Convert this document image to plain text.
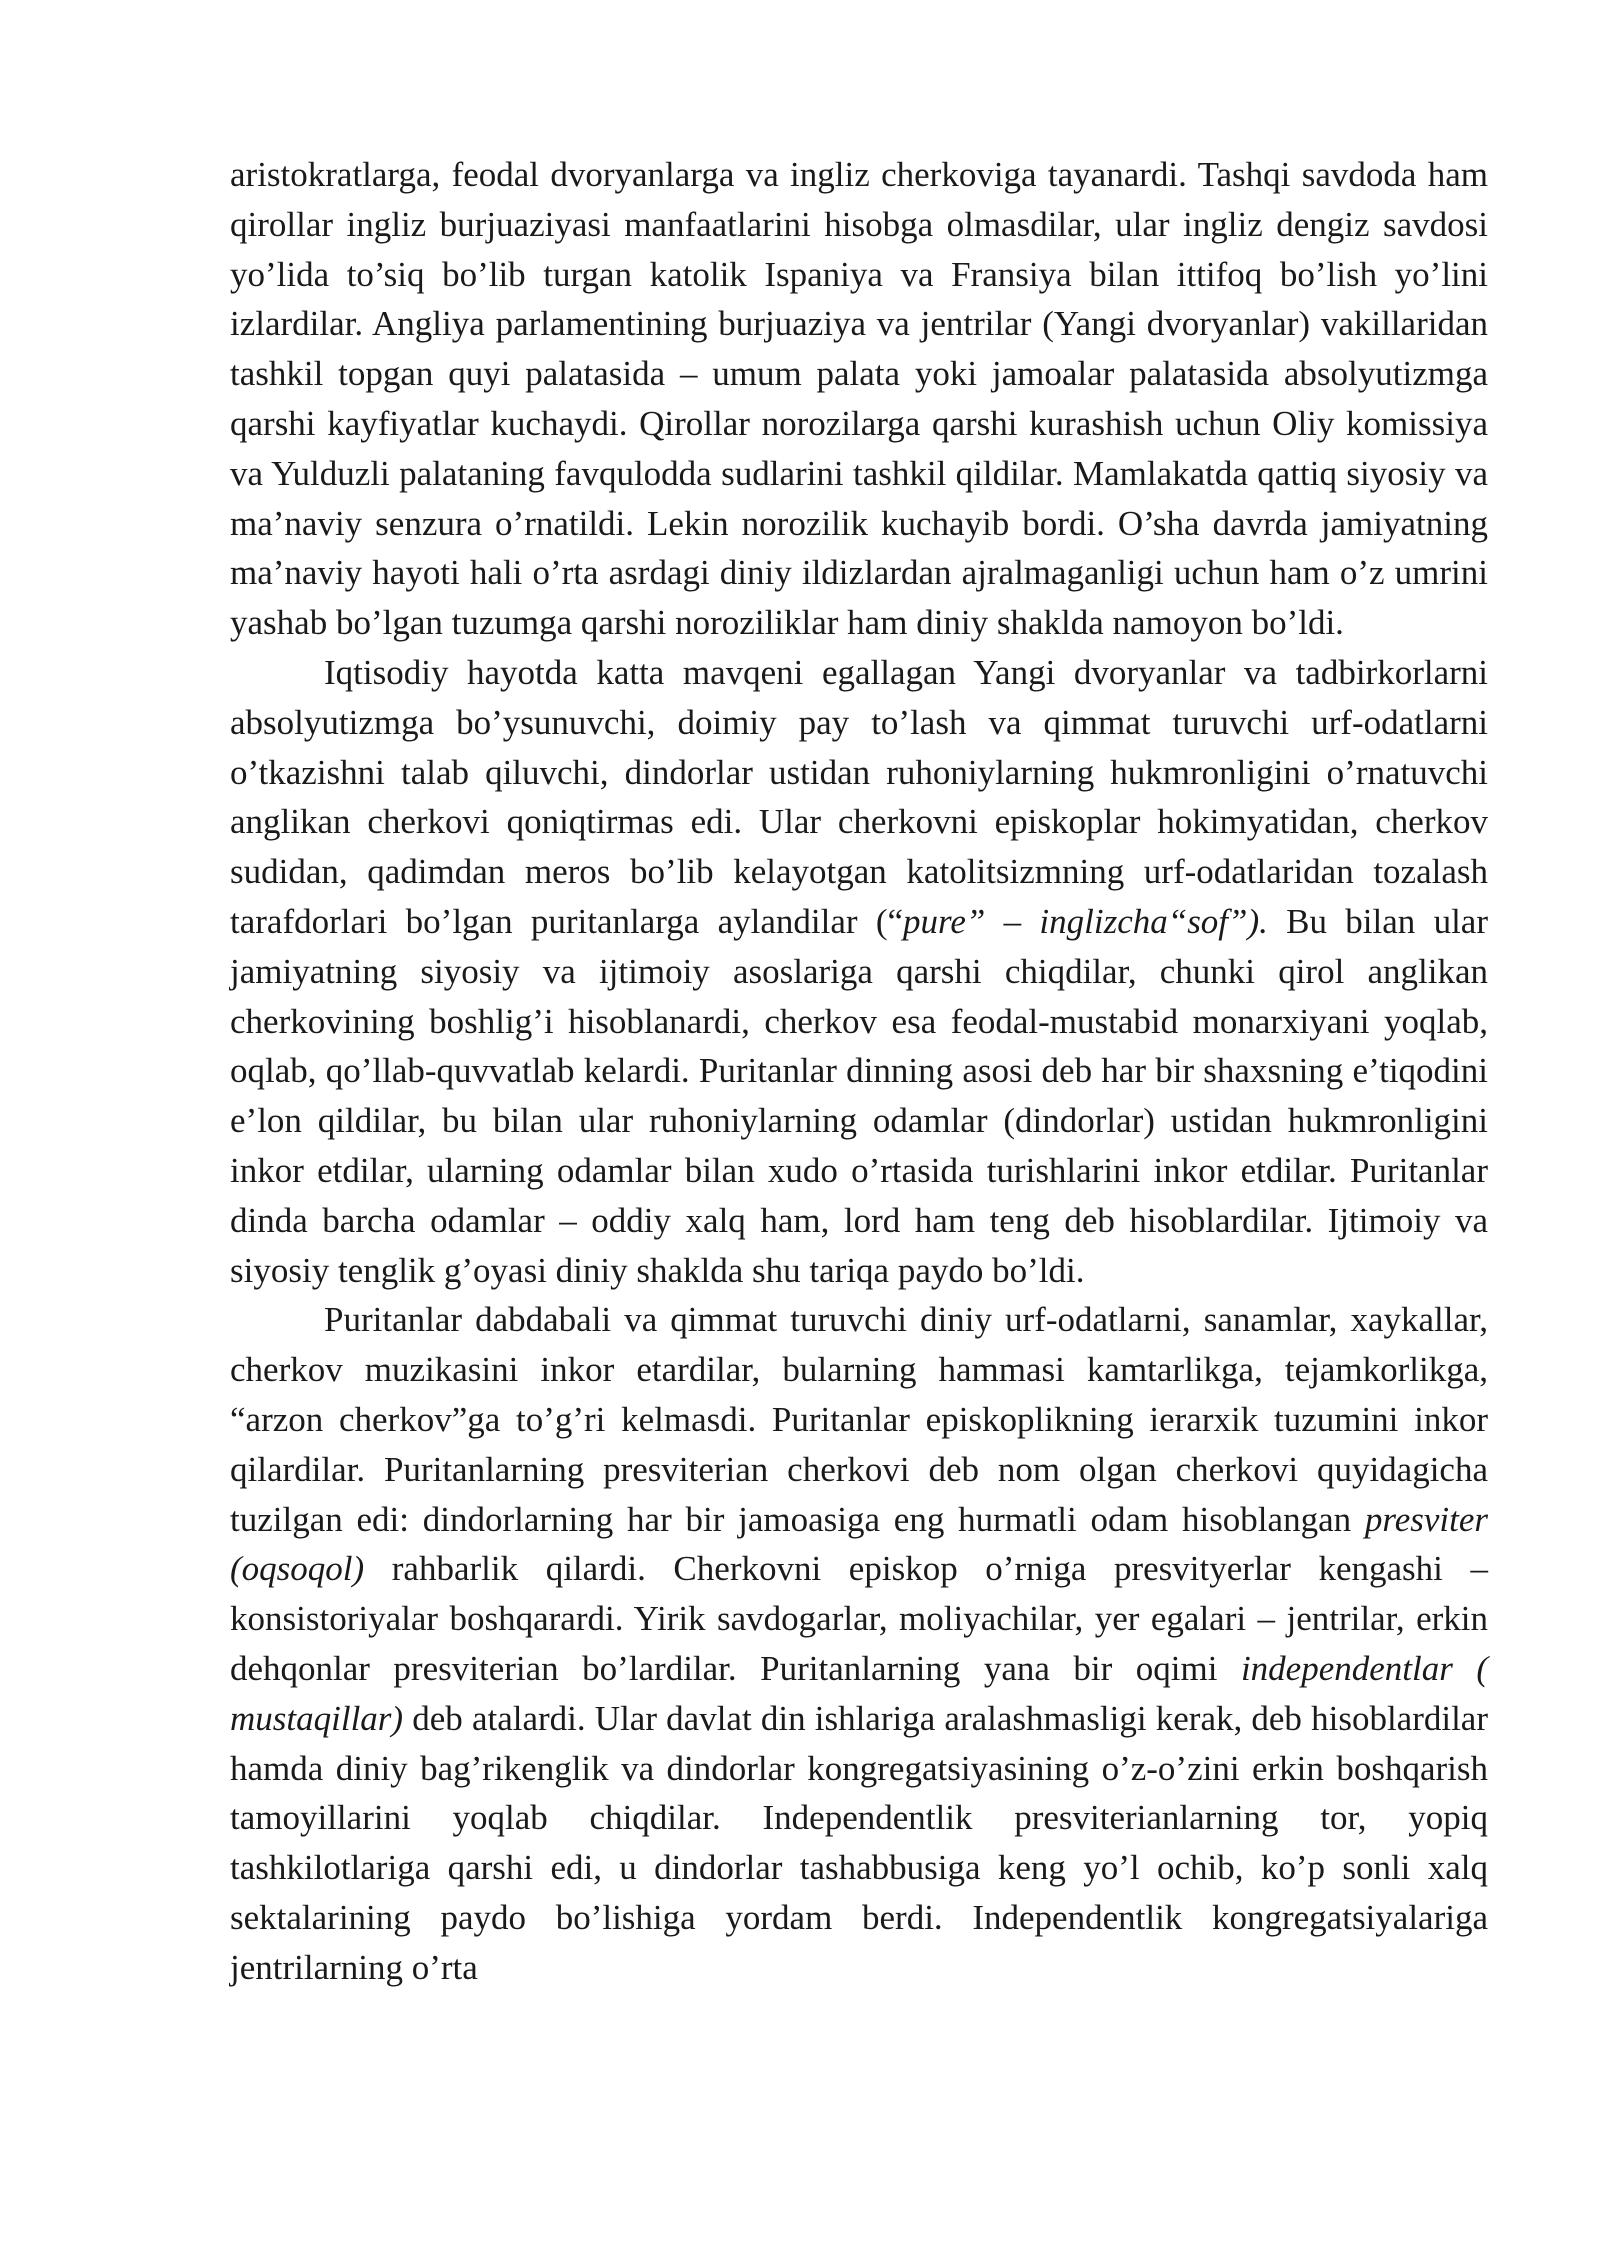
aristokratlarga, feodal dvoryanlarga va ingliz cherkoviga tayanardi. Tashqi savdoda ham qirollar ingliz burjuaziyasi manfaatlarini hisobga olmasdilar, ular ingliz dengiz savdosi yo’lida to’siq bo’lib turgan katolik Ispaniya va Fransiya bilan ittifoq bo’lish yo’lini izlardilar. Angliya parlamentining burjuaziya va jentrilar (Yangi dvoryanlar) vakillaridan tashkil topgan quyi palatasida – umum palata yoki jamoalar palatasida absolyutizmga qarshi kayfiyatlar kuchaydi. Qirollar norozilarga qarshi kurashish uchun Oliy komissiya va Yulduzli palataning favqulodda sudlarini tashkil qildilar. Mamlakatda qattiq siyosiy va ma’naviy senzura o’rnatildi. Lekin norozilik kuchayib bordi. O’sha davrda jamiyatning ma’naviy hayoti hali o’rta asrdagi diniy ildizlardan ajralmaganligi uchun ham o’z umrini yashab bo’lgan tuzumga qarshi noroziliklar ham diniy shaklda namoyon bo’ldi.

Iqtisodiy hayotda katta mavqeni egallagan Yangi dvoryanlar va tadbirkorlarni absolyutizmga bo’ysunuvchi, doimiy pay to’lash va qimmat turuvchi urf-odatlarni o’tkazishni talab qiluvchi, dindorlar ustidan ruhoniylarning hukmronligini o’rnatuvchi anglikan cherkovi qoniqtirmas edi. Ular cherkovni episkoplar hokimyatidan, cherkov sudidan, qadimdan meros bo’lib kelayotgan katolitsizmning urf-odatlaridan tozalash tarafdorlari bo’lgan puritanlarga aylandilar (“pure” – inglizcha“sof”). Bu bilan ular jamiyatning siyosiy va ijtimoiy asoslariga qarshi chiqdilar, chunki qirol anglikan cherkovining boshlig’i hisoblanardi, cherkov esa feodal-mustabid monarxiyani yoqlab, oqlab, qo’llab-quvvatlab kelardi. Puritanlar dinning asosi deb har bir shaxsning e’tiqodini e’lon qildilar, bu bilan ular ruhoniylarning odamlar (dindorlar) ustidan hukmronligini inkor etdilar, ularning odamlar bilan xudo o’rtasida turishlarini inkor etdilar. Puritanlar dinda barcha odamlar – oddiy xalq ham, lord ham teng deb hisoblardilar. Ijtimoiy va siyosiy tenglik g’oyasi diniy shaklda shu tariqa paydo bo’ldi.

Puritanlar dabdabali va qimmat turuvchi diniy urf-odatlarni, sanamlar, xaykallar, cherkov muzikasini inkor etardilar, bularning hammasi kamtarlikga, tejamkorlikga, “arzon cherkov”ga to’g’ri kelmasdi. Puritanlar episkoplikning ierarxik tuzumini inkor qilardilar. Puritanlarning presviterian cherkovi deb nom olgan cherkovi quyidagicha tuzilgan edi: dindorlarning har bir jamoasiga eng hurmatli odam hisoblangan presviter (oqsoqol) rahbarlik qilardi. Cherkovni episkop o’rniga presvityerlar kengashi – konsistoriyalar boshqarardi. Yirik savdogarlar, moliyachilar, yer egalari – jentrilar, erkin dehqonlar presviterian bo’lardilar. Puritanlarning yana bir oqimi independentlar ( mustaqillar) deb atalardi. Ular davlat din ishlariga aralashmasligi kerak, deb hisoblardilar hamda diniy bag’rikenglik va dindorlar kongregatsiyasining o’z-o’zini erkin boshqarish tamoyillarini yoqlab chiqdilar. Independentlik presviterianlarning tor, yopiq tashkilotlariga qarshi edi, u dindorlar tashabbusiga keng yo’l ochib, ko’p sonli xalq sektalarining paydo bo’lishiga yordam berdi. Independentlik kongregatsiyalariga jentrilarning o’rta
